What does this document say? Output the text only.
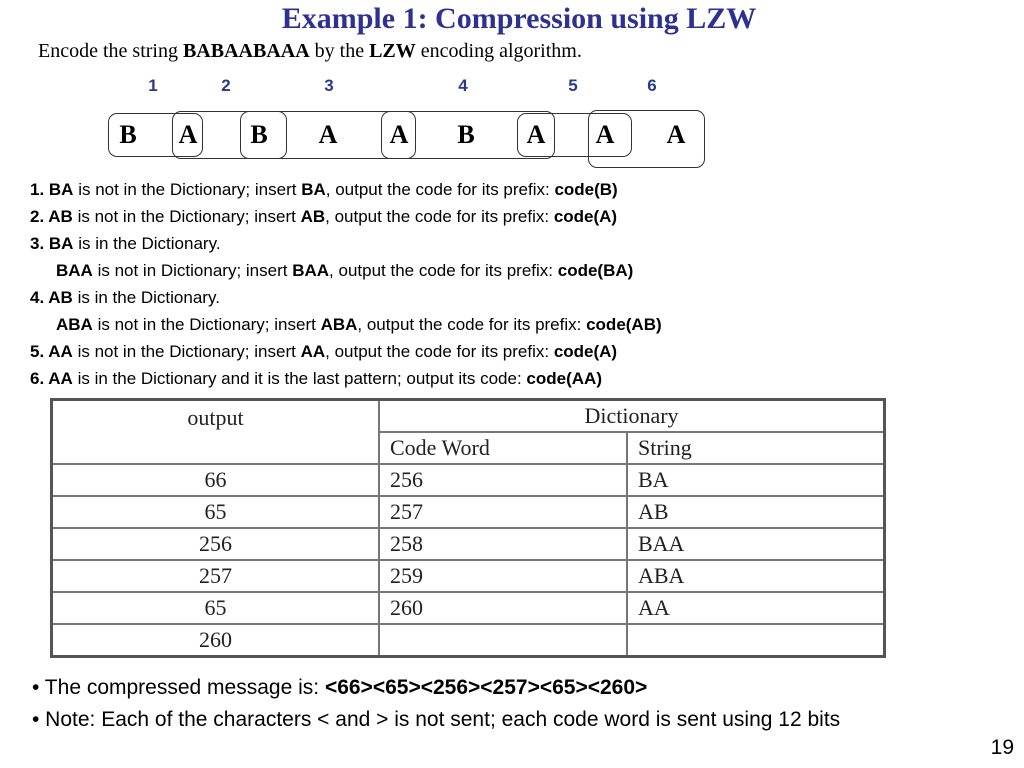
Example 1: Compression using LZW
Encode the string BABAABAAA by the LZW encoding algorithm.
1	2	3	4	5	6
B A B A A B A A A
1. BA is not in the Dictionary; insert BA, output the code for its prefix: code(B)
2. AB is not in the Dictionary; insert AB, output the code for its prefix: code(A)
3. BA is in the Dictionary.
BAA is not in Dictionary; insert BAA, output the code for its prefix: code(BA)
4. AB is in the Dictionary.
ABA is not in the Dictionary; insert ABA, output the code for its prefix: code(AB)
5. AA is not in the Dictionary; insert AA, output the code for its prefix: code(A)
6. AA is in the Dictionary and it is the last pattern; output its code: code(AA)
output	Dictionary	
	Code Word	String
66	256	BA
65	257	AB
256	258	BAA
257	259	ABA
65	260	AA
260		
• The compressed message is: <66><65><256><257><65><260>
• Note: Each of the characters < and > is not sent; each code word is sent using 12 bits
19
